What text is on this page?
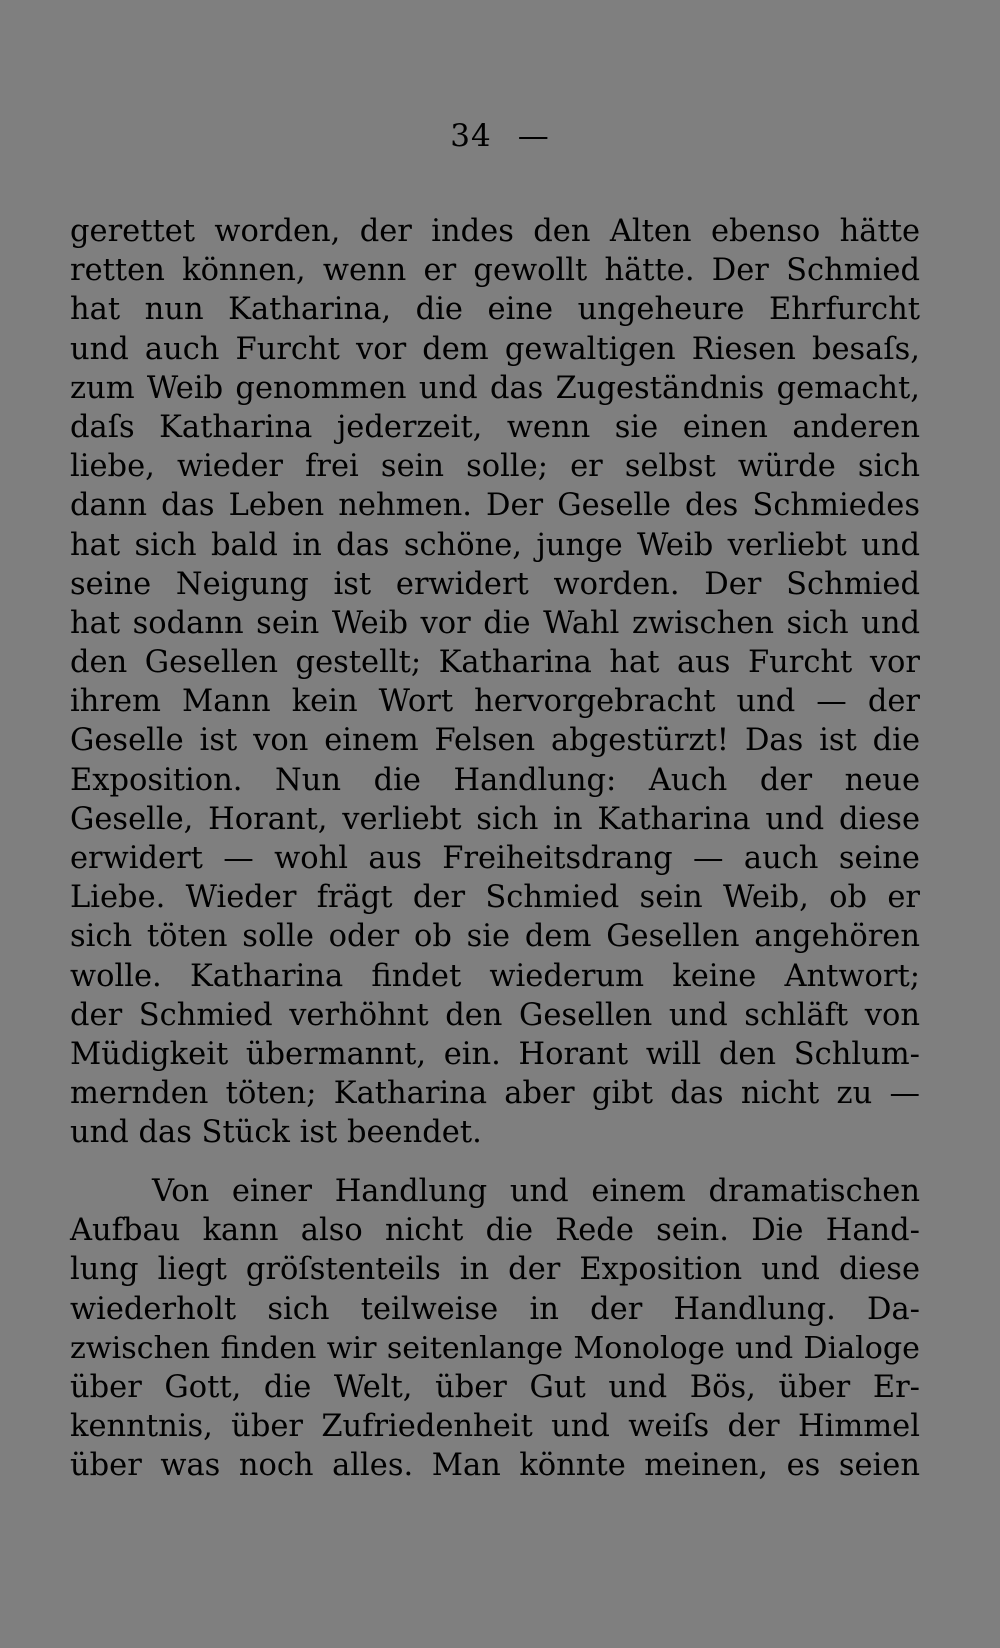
34 —
gerettet worden, der indes den Alten ebenso hätte
retten können, wenn er gewollt hätte. Der Schmied
hat nun Katharina, die eine ungeheure Ehrfurcht
und auch Furcht vor dem gewaltigen Riesen besaſs,
zum Weib genommen und das Zugeständnis gemacht,
daſs Katharina jederzeit, wenn sie einen anderen
liebe, wieder frei sein solle; er selbst würde sich
dann das Leben nehmen. Der Geselle des Schmiedes
hat sich bald in das schöne, junge Weib verliebt und
seine Neigung ist erwidert worden. Der Schmied
hat sodann sein Weib vor die Wahl zwischen sich und
den Gesellen gestellt; Katharina hat aus Furcht vor
ihrem Mann kein Wort hervorgebracht und — der
Geselle ist von einem Felsen abgestürzt! Das ist die
Exposition. Nun die Handlung: Auch der neue
Geselle, Horant, verliebt sich in Katharina und diese
erwidert — wohl aus Freiheitsdrang — auch seine
Liebe. Wieder frägt der Schmied sein Weib, ob er
sich töten solle oder ob sie dem Gesellen angehören
wolle. Katharina findet wiederum keine Antwort;
der Schmied verhöhnt den Gesellen und schläft von
Müdigkeit übermannt, ein. Horant will den Schlum-
mernden töten; Katharina aber gibt das nicht zu —
und das Stück ist beendet.
Von einer Handlung und einem dramatischen
Aufbau kann also nicht die Rede sein. Die Hand-
lung liegt gröſstenteils in der Exposition und diese
wiederholt sich teilweise in der Handlung. Da-
zwischen finden wir seitenlange Monologe und Dialoge
über Gott, die Welt, über Gut und Bös, über Er-
kenntnis, über Zufriedenheit und weiſs der Himmel
über was noch alles. Man könnte meinen, es seien
